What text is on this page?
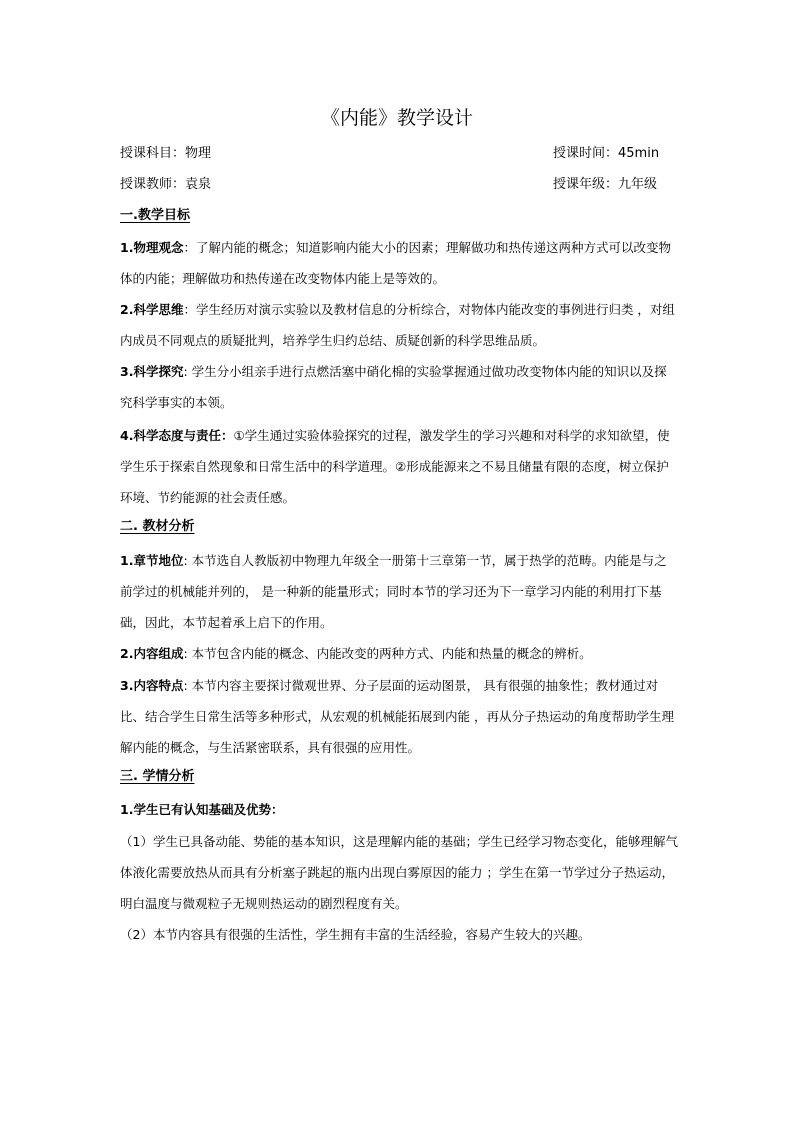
《内能》教学设计
授课科目：物理	授课时间：45min
授课教师：袁泉	授课年级：九年级
一.教学目标

1.物理观念：了解内能的概念；知道影响内能大小的因素；理解做功和热传递这两种方式可以改变物体的内能；理解做功和热传递在改变物体内能上是等效的。

2.科学思维：学生经历对演示实验以及教材信息的分析综合，对物体内能改变的事例进行归类 ，对组内成员不同观点的质疑批判，培养学生归约总结、质疑创新的科学思维品质。

3.科学探究: 学生分小组亲手进行点燃活塞中硝化棉的实验掌握通过做功改变物体内能的知识以及探究科学事实的本领。

4.科学态度与责任：①学生通过实验体验探究的过程，激发学生的学习兴趣和对科学的求知欲望，使学生乐于探索自然现象和日常生活中的科学道理。②形成能源来之不易且储量有限的态度，树立保护环境、节约能源的社会责任感。

二. 教材分析

1.章节地位: 本节选自人教版初中物理九年级全一册第十三章第一节，属于热学的范畴。内能是与之前学过的机械能并列的， 是一种新的能量形式；同时本节的学习还为下一章学习内能的利用打下基础，因此，本节起着承上启下的作用。

2.内容组成: 本节包含内能的概念、内能改变的两种方式、内能和热量的概念的辨析。

3.内容特点: 本节内容主要探讨微观世界、分子层面的运动图景， 具有很强的抽象性；教材通过对比、结合学生日常生活等多种形式，从宏观的机械能拓展到内能 ，再从分子热运动的角度帮助学生理解内能的概念，与生活紧密联系，具有很强的应用性。

三. 学情分析

1.学生已有认知基础及优势：

（1）学生已具备动能、势能的基本知识，这是理解内能的基础；学生已经学习物态变化，能够理解气体液化需要放热从而具有分析塞子跳起的瓶内出现白雾原因的能力 ；学生在第一节学过分子热运动，明白温度与微观粒子无规则热运动的剧烈程度有关。

（2）本节内容具有很强的生活性，学生拥有丰富的生活经验，容易产生较大的兴趣。
